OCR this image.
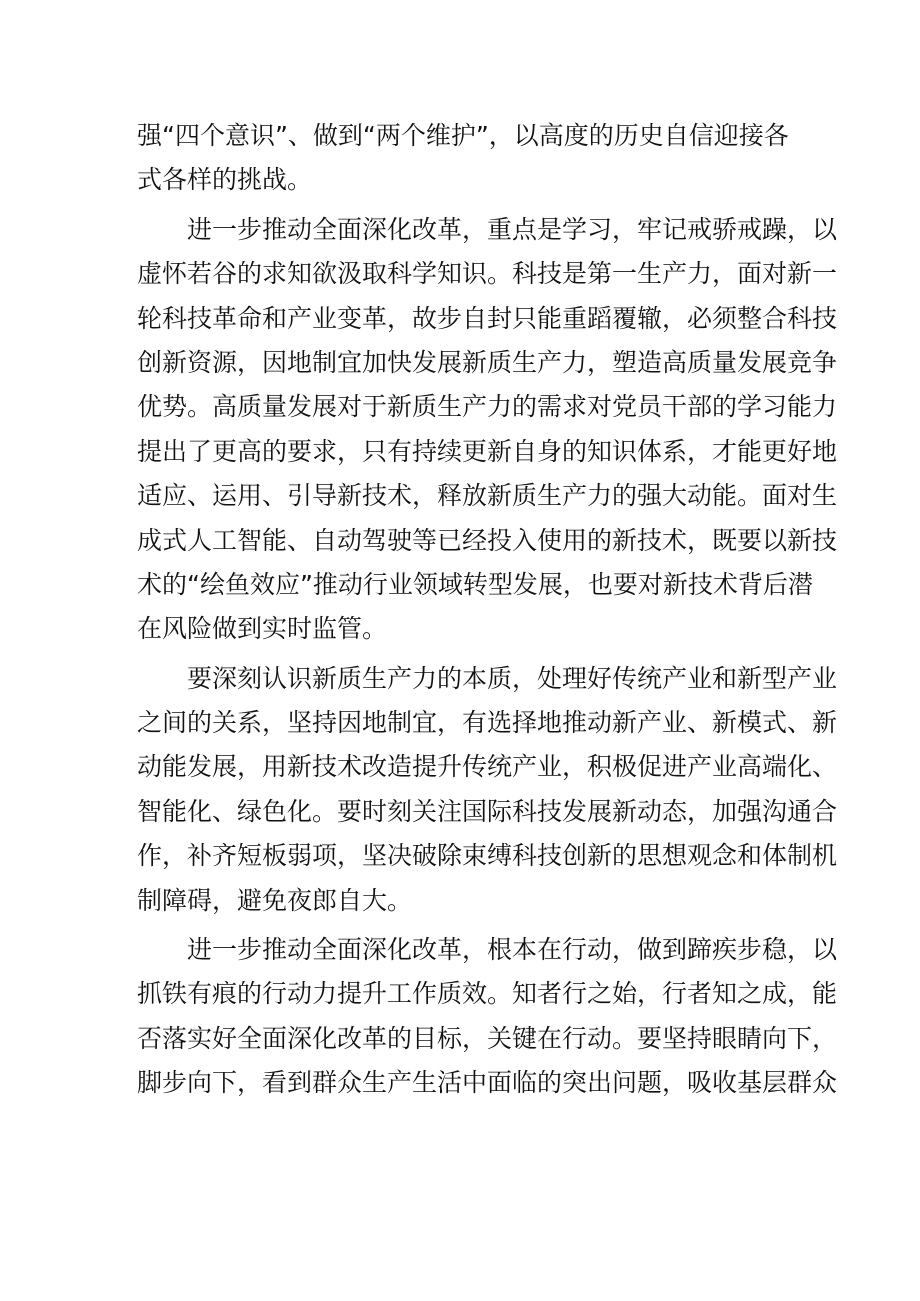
强“四个意识”、做到“两个维护”，以高度的历史自信迎接各
式各样的挑战。
进一步推动全面深化改革，重点是学习，牢记戒骄戒躁，以
虚怀若谷的求知欲汲取科学知识。科技是第一生产力，面对新一
轮科技革命和产业变革，故步自封只能重蹈覆辙，必须整合科技
创新资源，因地制宜加快发展新质生产力，塑造高质量发展竞争
优势。高质量发展对于新质生产力的需求对党员干部的学习能力
提出了更高的要求，只有持续更新自身的知识体系，才能更好地
适应、运用、引导新技术，释放新质生产力的强大动能。面对生
成式人工智能、自动驾驶等已经投入使用的新技术，既要以新技
术的“绘鱼效应”推动行业领域转型发展，也要对新技术背后潜
在风险做到实时监管。
要深刻认识新质生产力的本质，处理好传统产业和新型产业
之间的关系，坚持因地制宜，有选择地推动新产业、新模式、新
动能发展，用新技术改造提升传统产业，积极促进产业高端化、
智能化、绿色化。要时刻关注国际科技发展新动态，加强沟通合
作，补齐短板弱项，坚决破除束缚科技创新的思想观念和体制机
制障碍，避免夜郎自大。
进一步推动全面深化改革，根本在行动，做到蹄疾步稳，以
抓铁有痕的行动力提升工作质效。知者行之始，行者知之成，能
否落实好全面深化改革的目标，关键在行动。要坚持眼睛向下，
脚步向下，看到群众生产生活中面临的突出问题，吸收基层群众
